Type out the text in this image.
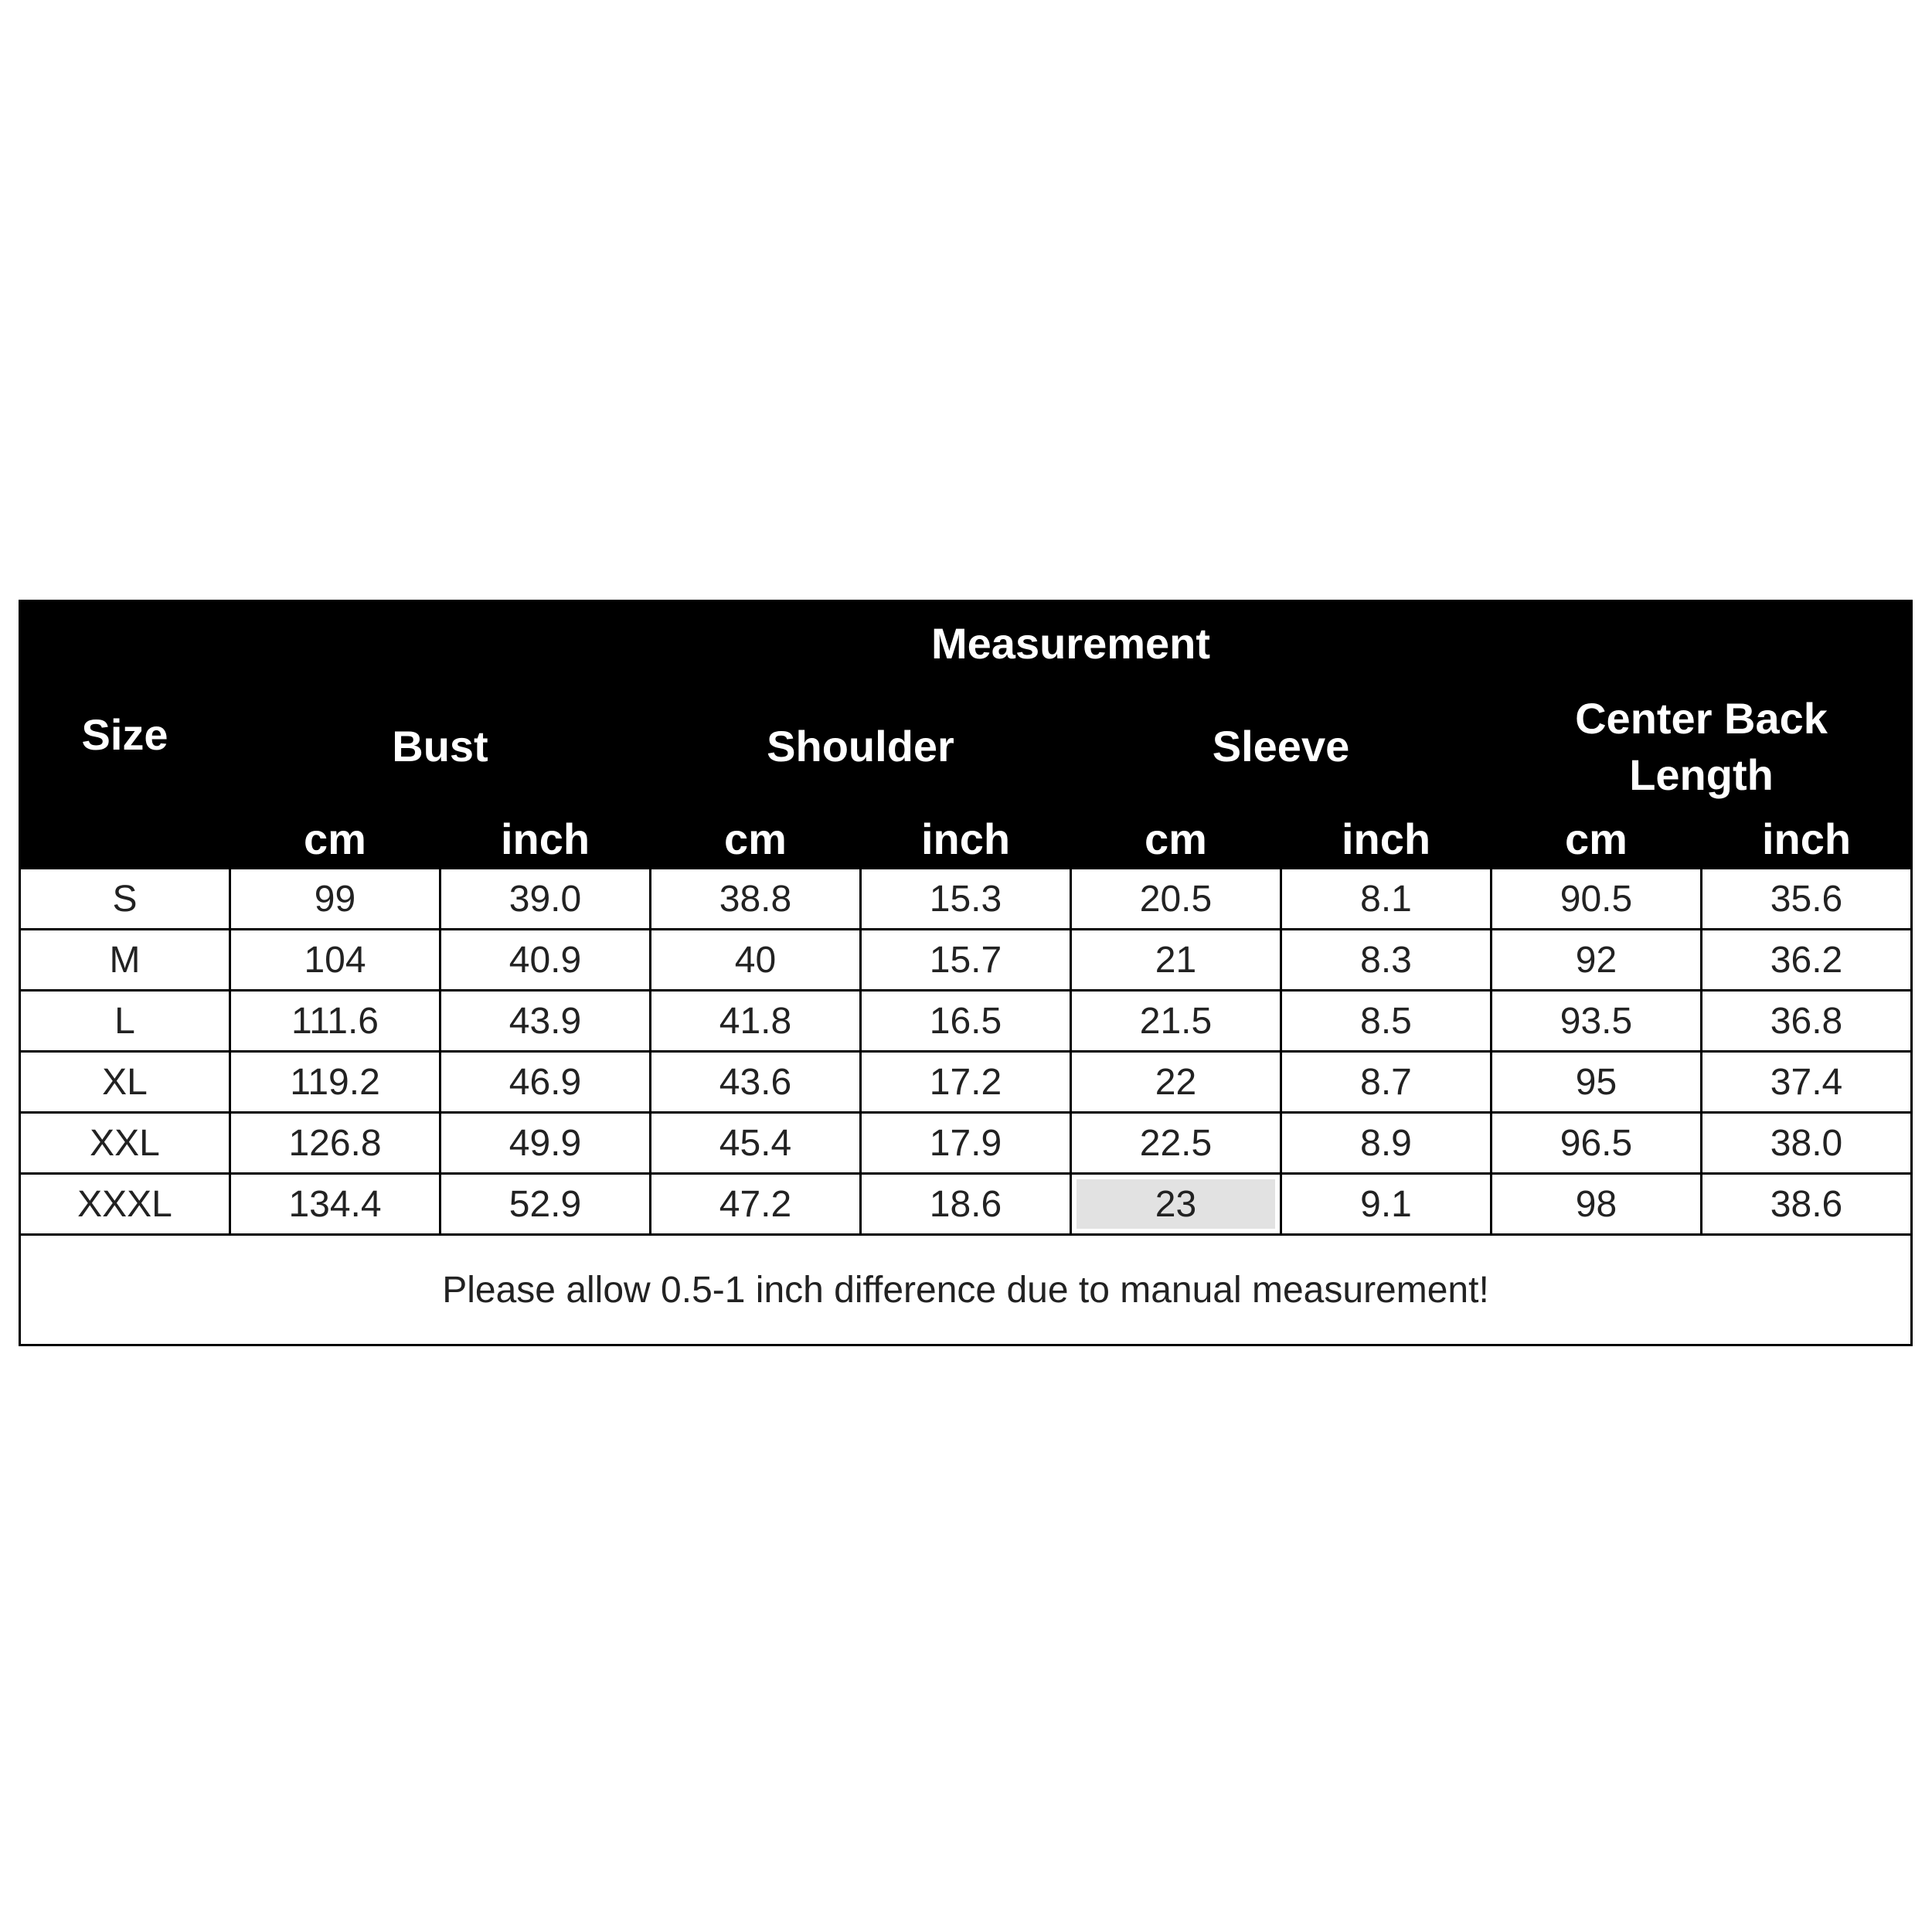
Size	Measurement							
	Bust		Shoulder		Sleeve		Center Back Length	
	cm	inch	cm	inch	cm	inch	cm	inch
S	99	39.0	38.8	15.3	20.5	8.1	90.5	35.6
M	104	40.9	40	15.7	21	8.3	92	36.2
L	111.6	43.9	41.8	16.5	21.5	8.5	93.5	36.8
XL	119.2	46.9	43.6	17.2	22	8.7	95	37.4
XXL	126.8	49.9	45.4	17.9	22.5	8.9	96.5	38.0
XXXL	134.4	52.9	47.2	18.6	23	9.1	98	38.6
Please allow 0.5-1 inch difference due to manual measurement!								
